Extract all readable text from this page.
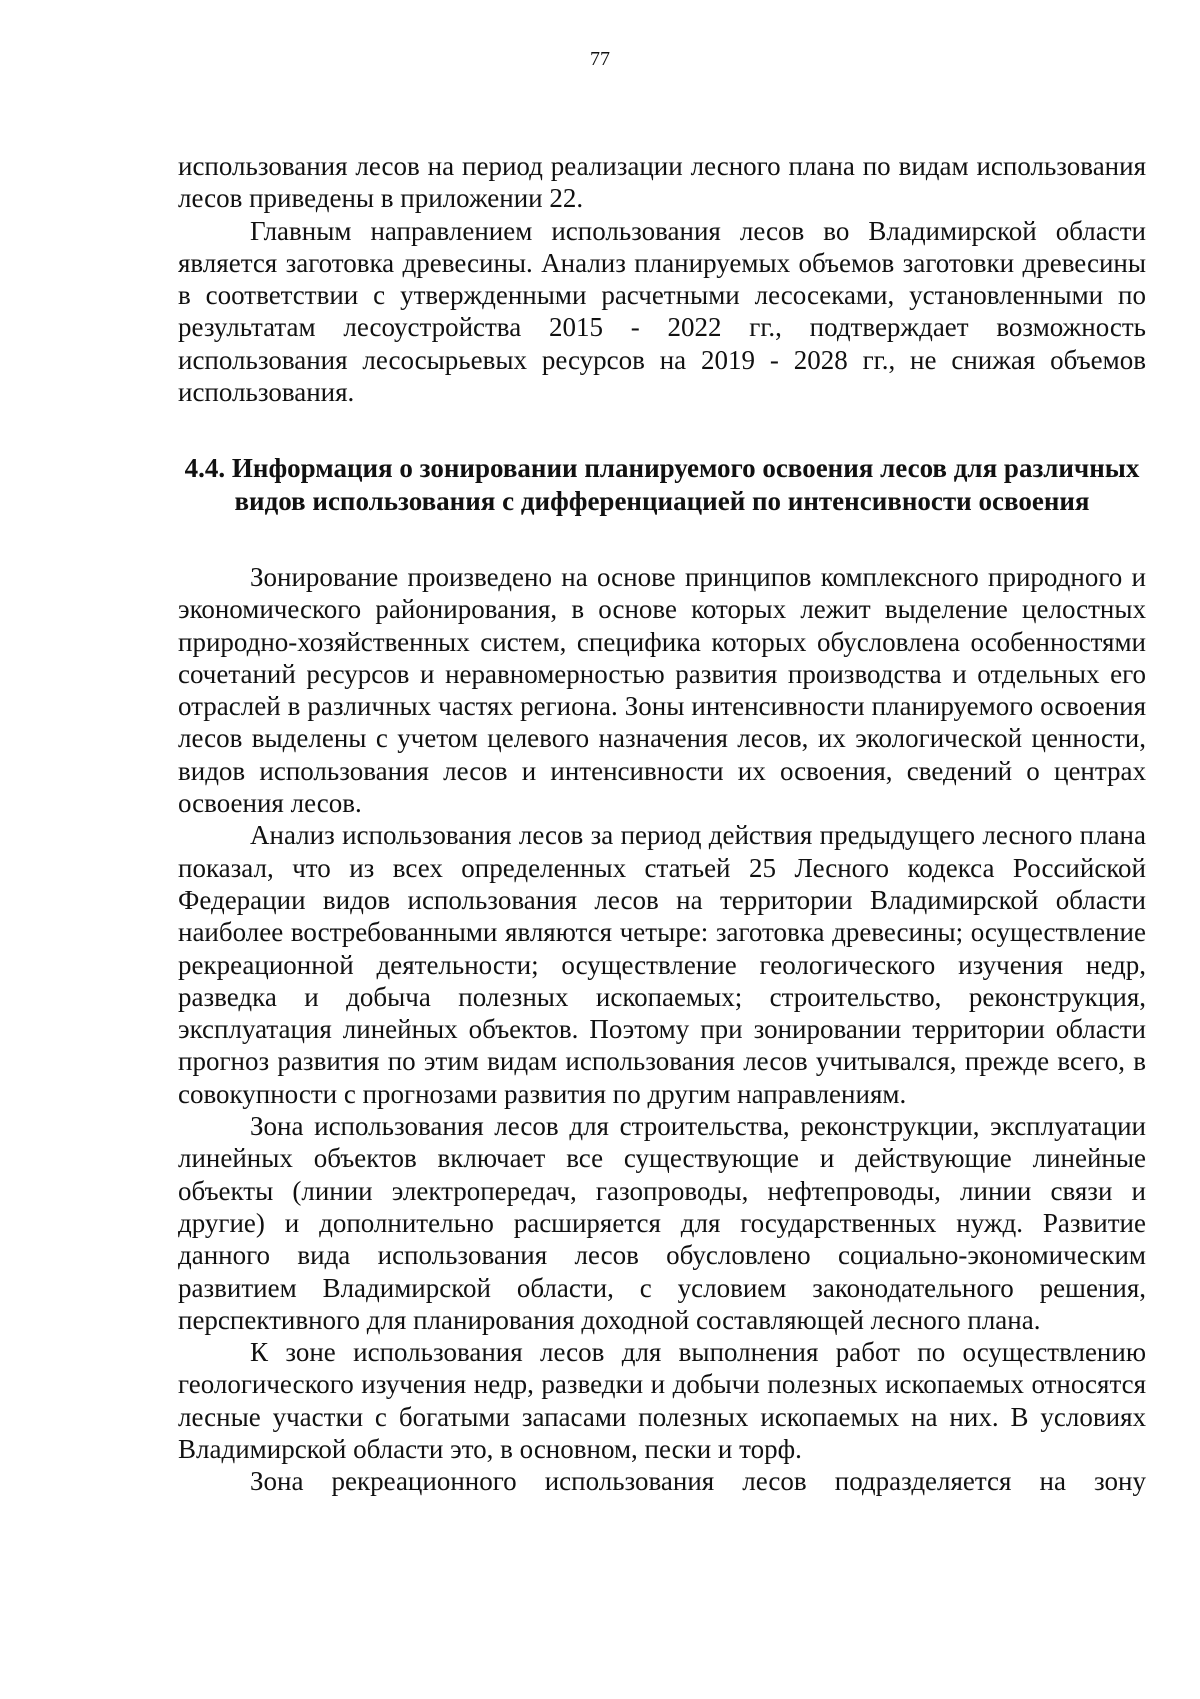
77

использования лесов на период реализации лесного плана по видам использования лесов приведены в приложении 22.

Главным направлением использования лесов во Владимирской области является заготовка древесины. Анализ планируемых объемов заготовки древесины в соответствии с утвержденными расчетными лесосеками, установленными по результатам лесоустройства 2015 - 2022 гг., подтверждает возможность использования лесосырьевых ресурсов на 2019 - 2028 гг., не снижая объемов использования.

4.4. Информация о зонировании планируемого освоения лесов для различных видов использования с дифференциацией по интенсивности освоения

Зонирование произведено на основе принципов комплексного природного и экономического районирования, в основе которых лежит выделение целостных природно-хозяйственных систем, специфика которых обусловлена особенностями сочетаний ресурсов и неравномерностью развития производства и отдельных его отраслей в различных частях региона. Зоны интенсивности планируемого освоения лесов выделены с учетом целевого назначения лесов, их экологической ценности, видов использования лесов и интенсивности их освоения, сведений о центрах освоения лесов.

Анализ использования лесов за период действия предыдущего лесного плана показал, что из всех определенных статьей 25 Лесного кодекса Российской Федерации видов использования лесов на территории Владимирской области наиболее востребованными являются четыре: заготовка древесины; осуществление рекреационной деятельности; осуществление геологического изучения недр, разведка и добыча полезных ископаемых; строительство, реконструкция, эксплуатация линейных объектов. Поэтому при зонировании территории области прогноз развития по этим видам использования лесов учитывался, прежде всего, в совокупности с прогнозами развития по другим направлениям.

Зона использования лесов для строительства, реконструкции, эксплуатации линейных объектов включает все существующие и действующие линейные объекты (линии электропередач, газопроводы, нефтепроводы, линии связи и другие) и дополнительно расширяется для государственных нужд. Развитие данного вида использования лесов обусловлено социально-экономическим развитием Владимирской области, с условием законодательного решения, перспективного для планирования доходной составляющей лесного плана.

К зоне использования лесов для выполнения работ по осуществлению геологического изучения недр, разведки и добычи полезных ископаемых относятся лесные участки с богатыми запасами полезных ископаемых на них. В условиях Владимирской области это, в основном, пески и торф.

Зона рекреационного использования лесов подразделяется на зону
